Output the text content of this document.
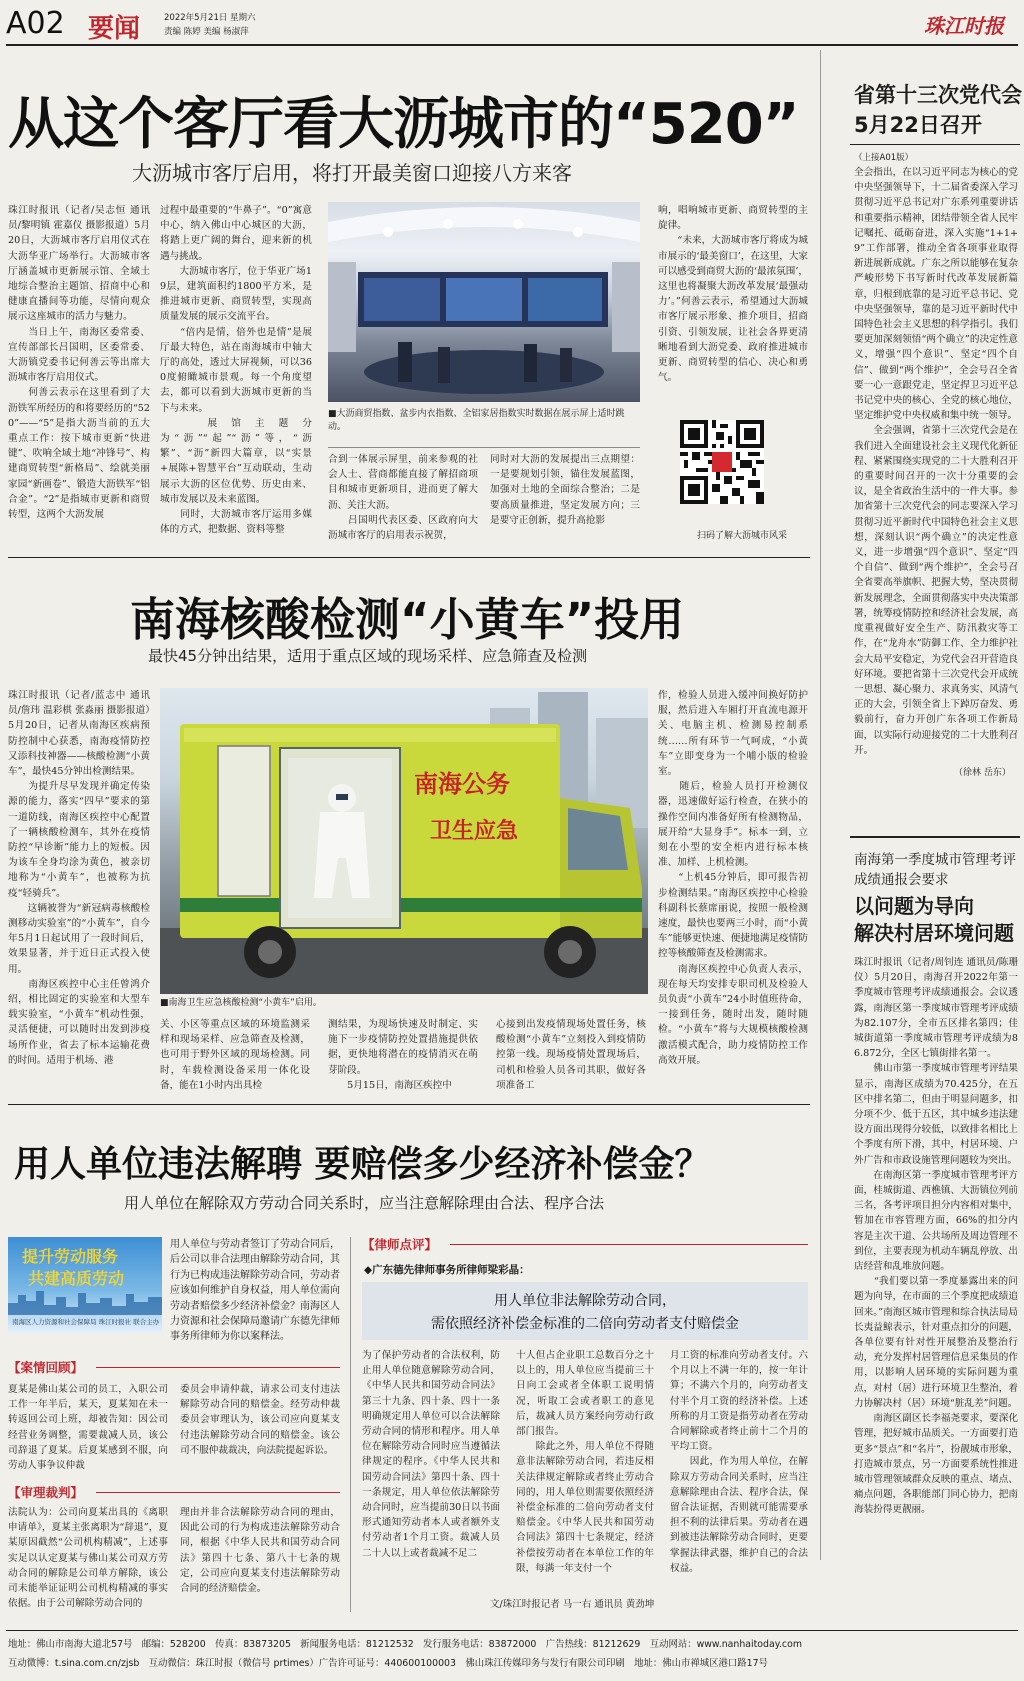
A02 要闻	2022年5月21日 星期六
责编 陈婷 美编 杨淑萍	珠江时报
从这个客厅看大沥城市的“520”
大沥城市客厅启用，将打开最美窗口迎接八方来客
珠江时报讯（记者/吴志恒 通讯员/黎明镇 霍嘉仪 摄影报道）5月20日，大沥城市客厅启用仪式在大沥华亚广场举行。大沥城市客厅涵盖城市更新展示馆、全域土地综合整治主题馆、招商中心和健康直播间等功能，尽情向观众展示这座城市的活力与魅力。
　　当日上午，南海区委常委、宣传部部长吕国明，区委常委、大沥镇党委书记何善云等出席大沥城市客厅启用仪式。
　　何善云表示在这里看到了大沥铁军所经历的和将要经历的“520”——“5”是指大沥当前的五大重点工作：按下城市更新“快进键”、吹响全域土地“冲锋号”、构建商贸转型“新格局”、绘就美丽家园“新画卷”、锻造大沥铁军“铝合金”。“2”是指城市更新和商贸转型，这两个大沥发展
过程中最重要的“牛鼻子”。“0”寓意中心，纳入佛山中心城区的大沥，将踏上更广阔的舞台，迎来新的机遇与挑战。
　　大沥城市客厅，位于华亚广场19层，建筑面积约1800平方米，是推进城市更新、商贸转型，实现高质量发展的展示交流平台。
　　“倍内是情，倍外也是情”是展厅最大特色，站在南海城市中轴大厅的高处，透过大屏视频，可以360度俯瞰城市景观。每一个角度望去，都可以看到大沥城市更新的当下与未来。
　　展馆主题分为“沥”“起”“沥”等，“沥繁”、“沥”新四大篇章，以“实景+展陈+智慧平台”互动联动，生动展示大沥的区位优势、历史由来、城市发展以及未来蓝图。
　　同时，大沥城市客厅运用多媒体的方式，把数据、资料等整
■大沥商贸指数、盆步内衣指数、全铝家居指数实时数据在展示屏上适时跳动。
合到一体展示屏里，前来参观的社会人士、营商都能直接了解招商项目和城市更新项目，进而更了解大沥、关注大沥。
　　吕国明代表区委、区政府向大沥城市客厅的启用表示祝贺，
同时对大沥的发展提出三点期望：一是要规划引领，锚住发展蓝图，加强对土地的全面综合整治；二是要高质量推进，坚定发展方向；三是要守正创新，提升高抢影
响，唱响城市更新、商贸转型的主旋律。
　　“未来，大沥城市客厅将成为城市展示的‘最美窗口’，在这里，大家可以感受到商贸大沥的‘最浓氛围’，这里也将凝聚大沥改革发展‘最强动力’。”何善云表示，希望通过大沥城市客厅展示形象、推介项目，招商引资、引领发展，让社会各界更清晰地看到大沥党委、政府推进城市更新、商贸转型的信心、决心和勇气。
扫码了解大沥城市风采
南海核酸检测“小黄车”投用
最快45分钟出结果，适用于重点区域的现场采样、应急筛查及检测
珠江时报讯（记者/蓝志中 通讯员/詹玮 温彩棋 张淼丽 摄影报道）5月20日，记者从南海区疾病预防控制中心获悉，南海疫情防控又添科技神器——核酸检测“小黄车”，最快45分钟出检测结果。
　　为提升尽早发现并确定传染源的能力，落实“四早”要求的第一道防线，南海区疾控中心配置了一辆核酸检测车，其外在疫情防控“早诊断”能力上的短板。因为该车全身均涂为黄色，被亲切地称为“小黄车”，也被称为抗疫“轻骑兵”。
　　这辆被誉为“新冠病毒核酸检测移动实验室”的“小黄车”，自今年5月1日起试用了一段时间后，效果显著，并于近日正式投入使用。
　　南海区疾控中心主任曾鸿介绍，相比固定的实验室和大型车载实验室，“小黄车”机动性强，灵活便捷，可以随时出发到涉疫场所作业，省去了标本运输花费的时间。适用于机场、港
南海公务
卫生应急
■南海卫生应急核酸检测“小黄车”启用。
关、小区等重点区域的环境监测采样和现场采样、应急筛查及检测，也可用于野外区域的现场检测。同时，车载检测设备采用一体化设备，能在1小时内出具检
测结果，为现场快速及时制定、实施下一步疫情防控处置措施提供依据，更快地将潜在的疫情消灭在萌芽阶段。
　　5月15日，南海区疾控中
心接到出发疫情现场处置任务，核酸检测“小黄车”立刻投入到疫情防控第一线。现场疫情处置现场后，司机和检验人员各司其职，做好各项准备工
作，检验人员进入缓冲间换好防护服，然后进入车厢打开直流电源开关、电脑主机、检测易控制系统……所有环节一气呵成，“小黄车”立即变身为一个哺小版的检验室。
　　随后，检验人员打开检测仪器，迅速做好运行检查，在狭小的操作空间内准备好所有检测物品，展开给“大显身手”。标本一到，立刻在小型的安全柜内进行标本核准、加样、上机检测。
　　“上机45分钟后，即可报告初步检测结果。”南海区疾控中心检验科副科长蔡席丽说，按照一般检测速度，最快也要两三小时，而“小黄车”能够更快速、便捷地满足疫情防控等核酸筛查及检测需求。
　　南海区疾控中心负责人表示，现在每天均安排专职司机及检验人员负责“小黄车”24小时值班待命，一接到任务，随时出发，随时随检。“小黄车”将与大规模核酸检测激活模式配合，助力疫情防控工作高效开展。
省第十三次党代会
5月22日召开
（上接A01版）
全会指出，在以习近平同志为核心的党中央坚强领导下，十二届省委深入学习贯彻习近平总书记对广东系列重要讲话和重要指示精神，团结带领全省人民牢记嘱托、砥砺奋进，深入实施“1+1+9”工作部署，推动全省各项事业取得新进展新成就。广东之所以能够在复杂严峻形势下书写新时代改革发展新篇章，归根到底靠的是习近平总书记、党中央坚强领导，靠的是习近平新时代中国特色社会主义思想的科学指引。我们要更加深刻领悟“两个确立”的决定性意义，增强“四个意识”、坚定“四个自信”、做到“两个维护”，全会号召全省要一心一意跟党走，坚定捍卫习近平总书记党中央的核心、全党的核心地位，坚定维护党中央权威和集中统一领导。
　　全会强调，省第十三次党代会是在我们进入全面建设社会主义现代化新征程、紧紧围绕实现党的二十大胜利召开的重要时间召开的一次十分重要的会议，是全省政治生活中的一件大事。参加省第十三次党代会的同志要深入学习贯彻习近平新时代中国特色社会主义思想，深刻认识“两个确立”的决定性意义，进一步增强“四个意识”、坚定“四个自信”、做到“两个维护”，全会号召全省要高举旗帜、把握大势，坚决贯彻新发展理念，全面贯彻落实中央决策部署，统筹疫情防控和经济社会发展，高度重视做好安全生产、防汛救灾等工作，在“龙舟水”防御工作、全力维护社会大局平安稳定，为党代会召开营造良好环境。要把省第十三次党代会开成统一思想、凝心聚力、求真务实、风清气正的大会，引领全省上下踔厉奋发、勇毅前行，奋力开创广东各项工作新局面，以实际行动迎接党的二十大胜利召开。
（徐林 岳东）
南海第一季度城市管理考评成绩通报会要求
以问题为导向
解决村居环境问题
珠江时报讯（记者/周钊连 通讯员/陈珊仪）5月20日，南海召开2022年第一季度城市管理考评成绩通报会。会议透露，南海区第一季度城市管理考评成绩为82.107分，全市五区排名第四；佳城街道第一季度城市管理考评成绩为86.872分，全区七镇街排名第一。
　　佛山市第一季度城市管理考评结果显示，南海区成绩为70.425分，在五区中排名第二，但由于明显问题多，扣分项不少、低于五区，其中城乡违法建设方面出现得分较低，以致排名相比上个季度有所下滑，其中，村居环境、户外广告和市政设施管理问题较为突出。
　　在南海区第一季度城市管理考评方面，桂城街道、西樵镇、大沥镇位列前三名，各考评项目担分内容相对集中，暂加在市容管理方面，66%的扣分内容是主次干道、公共场所及周边管理不到位，主要表现为机动车辆乱停放、出店经营和乱堆放问题。
　　“我们要以第一季度暴露出来的问题为向导，在市面的三个季度把成绩追回来。”南海区城市管理和综合执法局局长夷益鲸表示，针对重点扣分的问题，各单位要有针对性开展整治及整治行动，充分发挥村居管理信息采集员的作用，以影响人居环境的实际问题为重点，对村（居）进行环境卫生整治，着力协解决村（居）环境“脏乱差”问题。
　　南海区副区长李福尧要求，要深化管理，把好城市品质关。一方面要打造更多“景点”和“名片”，扮靓城市形象，打造城市景点，另一方面要系统性推进城市管理领域群众反映的重点、堵点、痛点问题，各职能部门同心协力，把南海装扮得更靓丽。
用人单位违法解聘 要赔偿多少经济补偿金？
用人单位在解除双方劳动合同关系时，应当注意解除理由合法、程序合法
提升劳动服务
共建高质劳动
南海区人力资源和社会保障局 珠江时报社 联合主办
用人单位与劳动者签订了劳动合同后，后公司以非合法理由解除劳动合同，其行为已构成违法解除劳动合同，劳动者应该如何维护自身权益，用人单位需向劳动者赔偿多少经济补偿金？南海区人力资源和社会保障局邀请广东德先律师事务所律师为你以案释法。
【案情回顾】
夏某是佛山某公司的员工，入职公司工作一年半后，某天，夏某知在未一转返回公司上班，却被告知：因公司经营业务调整，需要裁减人员，该公司辞退了夏某。后夏某感到不服，向劳动人事争议仲裁
委员会申请仲裁，请求公司支付违法解除劳动合同的赔偿金。经劳动仲裁委员会审理认为，该公司应向夏某支付违法解除劳动合同的赔偿金。该公司不服仲裁裁决，向法院提起诉讼。
【审理裁判】
法院认为：公司向夏某出具的《离职申请单》，夏某主张离职为“辞退”，夏某原因截然“公司机构精减”，上述事实足以认定夏某与佛山某公司双方劳动合同的解除是公司单方解除，该公司未能举证证明公司机构精减的事实依据。由于公司解除劳动合同的
理由并非合法解除劳动合同的理由，因此公司的行为构成违法解除劳动合同，根据《中华人民共和国劳动合同法》第四十七条、第八十七条的规定，公司应向夏某支付违法解除劳动合同的经济赔偿金。
【律师点评】
◆广东德先律师事务所律师梁彩晶：
用人单位非法解除劳动合同，
需依照经济补偿金标准的二倍向劳动者支付赔偿金
为了保护劳动者的合法权利，防止用人单位随意解除劳动合同，《中华人民共和国劳动合同法》第三十九条、四十条、四十一条明确规定用人单位可以合法解除劳动合同的情形和程序。用人单位在解除劳动合同时应当遵循法律规定的程序。《中华人民共和国劳动合同法》第四十条、四十一条规定，用人单位依法解除劳动合同时，应当提前30日以书面形式通知劳动者本人或者额外支付劳动者1个月工资。裁减人员二十人以上或者裁减不足二
十人但占企业职工总数百分之十以上的，用人单位应当提前三十日向工会或者全体职工说明情况，听取工会或者职工的意见后，裁减人员方案经向劳动行政部门报告。
　　除此之外，用人单位不得随意非法解除劳动合同，若违反相关法律规定解除或者终止劳动合同的，用人单位则需要依照经济补偿金标准的二倍向劳动者支付赔偿金。《中华人民共和国劳动合同法》第四十七条规定，经济补偿按劳动者在本单位工作的年限，每满一年支付一个
月工资的标准向劳动者支付。六个月以上不满一年的，按一年计算；不满六个月的，向劳动者支付半个月工资的经济补偿。上述所称的月工资是指劳动者在劳动合同解除或者终止前十二个月的平均工资。
　　因此，作为用人单位，在解除双方劳动合同关系时，应当注意解除理由合法、程序合法，保留合法证据，否则就可能需要承担不利的法律后果。劳动者在遇到被违法解除劳动合同时，更要掌握法律武器，维护自己的合法权益。
文/珠江时报记者 马一右 通讯员 黄劲坤
地址：佛山市南海大道北57号　邮编：528200　传真：83873205　新闻服务电话：81212532　发行服务电话：83872000　广告热线：81212629　互动网站：www.nanhaitoday.com
互动微博：t.sina.com.cn/zjsb　互动微信：珠江时报（微信号 prtimes）广告许可证号：440600100003　佛山珠江传媒印务与发行有限公司印刷　地址：佛山市禅城区港口路17号
